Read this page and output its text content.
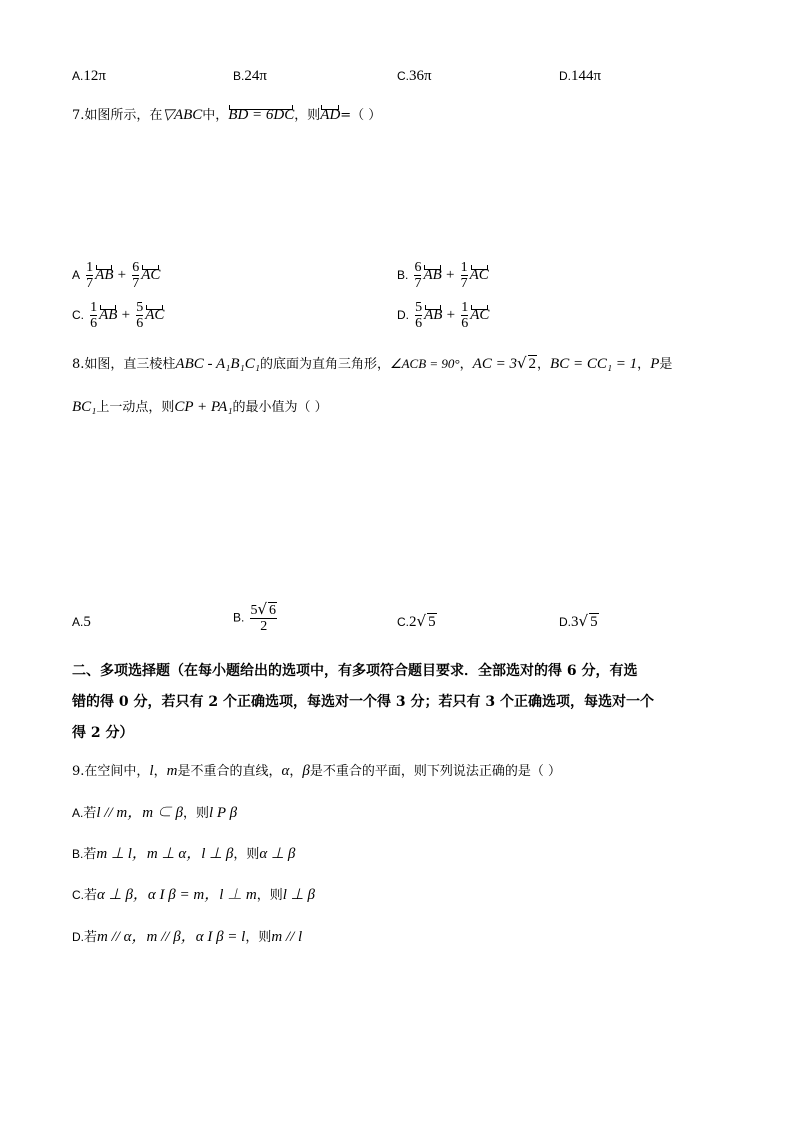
A.12π	B.24π	C.36π	D.144π
7.如图所示，在▽ABC中，BD = 6DC，则AD=（ ）
A $\frac{1}{7}$ AB + $\frac{6}{7}$ AC	B. $\frac{6}{7}$ AB + $\frac{1}{7}$ AC
C. $\frac{1}{6}$ AB + $\frac{5}{6}$ AC	D. $\frac{5}{6}$ AB + $\frac{1}{6}$ AC
8.如图，直三棱柱ABC - A₁B₁C₁的底面为直角三角形，∠ACB = 90°，AC = 3√ 2，BC = CC₁ = 1，P是
BC₁上一动点，则CP + PA₁的最小值为（ ）
A.5	B. $\frac{5√ 6}{2}$	C.2√ 5	D.3√ 5
二、多项选择题（在每小题给出的选项中，有多项符合题目要求．全部选对的得 6 分，有选
错的得 0 分，若只有 2 个正确选项，每选对一个得 3 分；若只有 3 个正确选项，每选对一个
得 2 分）
9.在空间中，l，m是不重合的直线，α，β是不重合的平面，则下列说法正确的是（ ）
A.若l // m，m ⊂ β，则l P β
B.若m ⊥ l，m ⊥ α，l ⊥ β，则α ⊥ β
C.若α ⊥ β，α I β = m，l ⊥ m，则l ⊥ β
D.若m // α，m // β，α I β = l，则m // l
